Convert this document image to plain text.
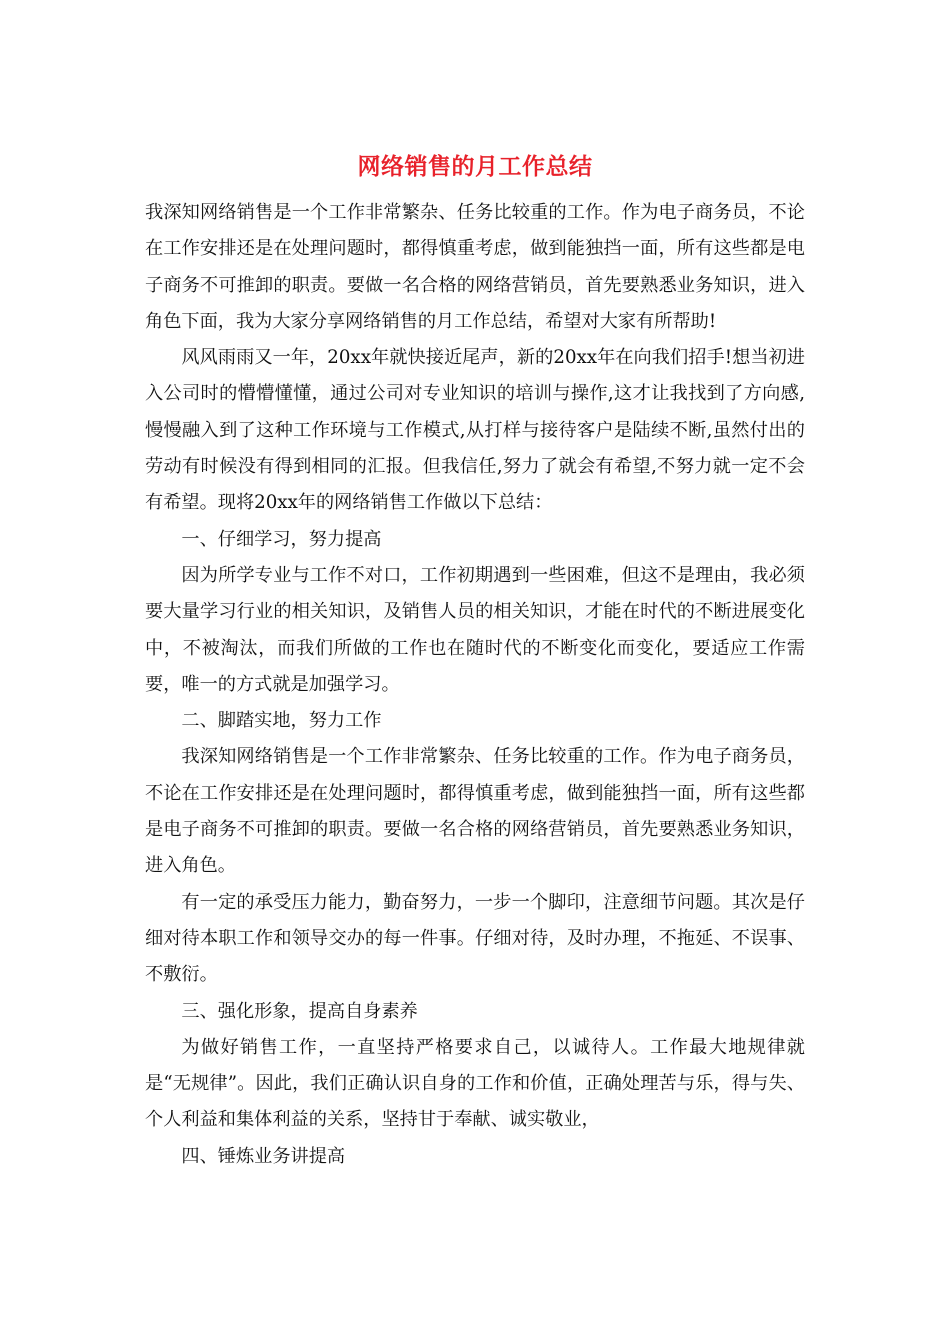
网络销售的月工作总结

我深知网络销售是一个工作非常繁杂、任务比较重的工作。作为电子商务员，不论在工作安排还是在处理问题时，都得慎重考虑，做到能独挡一面，所有这些都是电子商务不可推卸的职责。要做一名合格的网络营销员，首先要熟悉业务知识，进入角色下面，我为大家分享网络销售的月工作总结，希望对大家有所帮助!

风风雨雨又一年，20xx年就快接近尾声，新的20xx年在向我们招手!想当初进入公司时的懵懵懂懂，通过公司对专业知识的培训与操作,这才让我找到了方向感,慢慢融入到了这种工作环境与工作模式,从打样与接待客户是陆续不断,虽然付出的劳动有时候没有得到相同的汇报。但我信任,努力了就会有希望,不努力就一定不会有希望。现将20xx年的网络销售工作做以下总结：

一、仔细学习，努力提高

因为所学专业与工作不对口，工作初期遇到一些困难，但这不是理由，我必须要大量学习行业的相关知识，及销售人员的相关知识，才能在时代的不断进展变化中，不被淘汰，而我们所做的工作也在随时代的不断变化而变化，要适应工作需要，唯一的方式就是加强学习。

二、脚踏实地，努力工作

我深知网络销售是一个工作非常繁杂、任务比较重的工作。作为电子商务员，不论在工作安排还是在处理问题时，都得慎重考虑，做到能独挡一面，所有这些都是电子商务不可推卸的职责。要做一名合格的网络营销员，首先要熟悉业务知识，进入角色。

有一定的承受压力能力，勤奋努力，一步一个脚印，注意细节问题。其次是仔细对待本职工作和领导交办的每一件事。仔细对待，及时办理，不拖延、不误事、不敷衍。

三、强化形象，提高自身素养

为做好销售工作，一直坚持严格要求自己，以诚待人。工作最大地规律就是“无规律”。因此，我们正确认识自身的工作和价值，正确处理苦与乐，得与失、个人利益和集体利益的关系，坚持甘于奉献、诚实敬业，

四、锤炼业务讲提高
